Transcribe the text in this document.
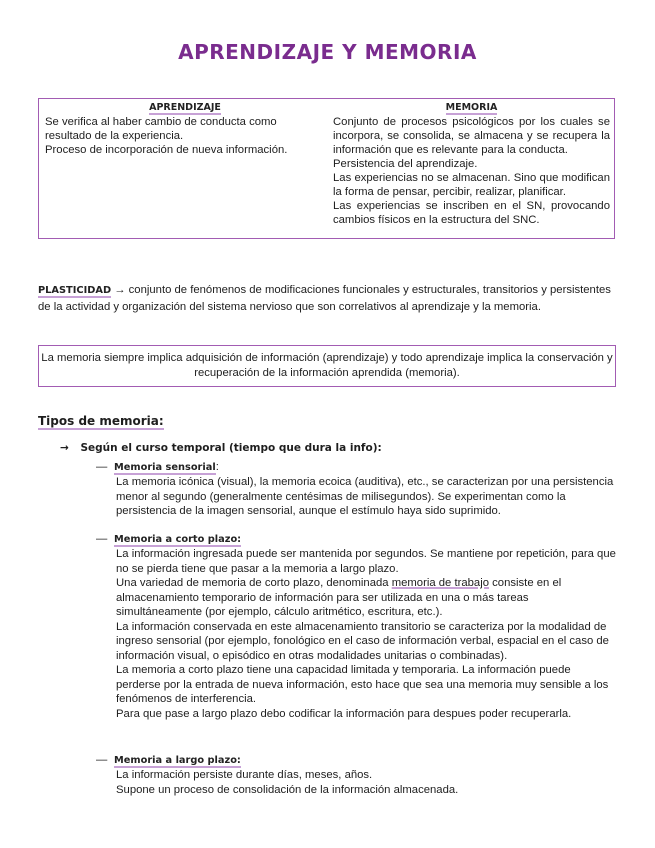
APRENDIZAJE Y MEMORIA
APRENDIZAJE

Se verifica al haber cambio de conducta como resultado de la experiencia.

Proceso de incorporación de nueva información.

MEMORIA

Conjunto de procesos psicológicos por los cuales se incorpora, se consolida, se almacena y se recupera la información que es relevante para la conducta.

Persistencia del aprendizaje.

Las experiencias no se almacenan. Sino que modifican la forma de pensar, percibir, realizar, planificar.

Las experiencias se inscriben en el SN, provocando cambios físicos en la estructura del SNC.

PLASTICIDAD → conjunto de fenómenos de modificaciones funcionales y estructurales, transitorios y persistentes de la actividad y organización del sistema nervioso que son correlativos al aprendizaje y la memoria.
La memoria siempre implica adquisición de información (aprendizaje) y todo aprendizaje implica la conservación y recuperación de la información aprendida (memoria).
Tipos de memoria:
→ Según el curso temporal (tiempo que dura la info):
— Memoria sensorial:

La memoria icónica (visual), la memoria ecoica (auditiva), etc., se caracterizan por una persistencia menor al segundo (generalmente centésimas de milisegundos). Se experimentan como la persistencia de la imagen sensorial, aunque el estímulo haya sido suprimido.

— Memoria a corto plazo:

La información ingresada puede ser mantenida por segundos. Se mantiene por repetición, para que no se pierda tiene que pasar a la memoria a largo plazo.

Una variedad de memoria de corto plazo, denominada memoria de trabajo consiste en el almacenamiento temporario de información para ser utilizada en una o más tareas simultáneamente (por ejemplo, cálculo aritmético, escritura, etc.).

La información conservada en este almacenamiento transitorio se caracteriza por la modalidad de ingreso sensorial (por ejemplo, fonológico en el caso de información verbal, espacial en el caso de información visual, o episódico en otras modalidades unitarias o combinadas).

La memoria a corto plazo tiene una capacidad limitada y temporaria. La información puede perderse por la entrada de nueva información, esto hace que sea una memoria muy sensible a los fenómenos de interferencia.

Para que pase a largo plazo debo codificar la información para despues poder recuperarla.

— Memoria a largo plazo:

La información persiste durante días, meses, años.

Supone un proceso de consolidación de la información almacenada.
